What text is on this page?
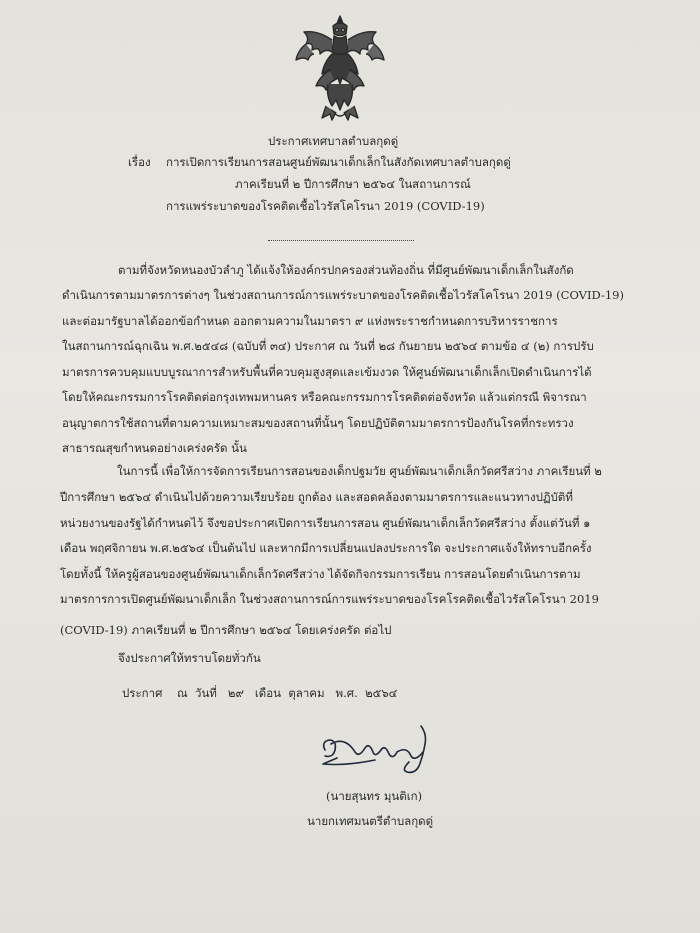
ประกาศเทศบาลตำบลกุดดู่
เรื่อง การเปิดการเรียนการสอนศูนย์พัฒนาเด็กเล็กในสังกัดเทศบาลตำบลกุดดู่
ภาคเรียนที่ ๒ ปีการศึกษา ๒๕๖๔ ในสถานการณ์
การแพร่ระบาดของโรคติดเชื้อไวรัสโคโรนา 2019 (COVID-19)
ตามที่จังหวัดหนองบัวลำภู ได้แจ้งให้องค์กรปกครองส่วนท้องถิ่น ที่มีศูนย์พัฒนาเด็กเล็กในสังกัด
ดำเนินการตามมาตรการต่างๆ ในช่วงสถานการณ์การแพร่ระบาดของโรคติดเชื้อไวรัสโคโรนา 2019 (COVID-19)
และต่อมารัฐบาลได้ออกข้อกำหนด ออกตามความในมาตรา ๙ แห่งพระราชกำหนดการบริหารราชการ
ในสถานการณ์ฉุกเฉิน พ.ศ.๒๕๔๘ (ฉบับที่ ๓๔) ประกาศ ณ วันที่ ๒๘ กันยายน ๒๕๖๔ ตามข้อ ๔ (๒) การปรับ
มาตรการควบคุมแบบบูรณาการสำหรับพื้นที่ควบคุมสูงสุดและเข้มงวด ให้ศูนย์พัฒนาเด็กเล็กเปิดดำเนินการได้
โดยให้คณะกรรมการโรคติดต่อกรุงเทพมหานคร หรือคณะกรรมการโรคติดต่อจังหวัด แล้วแต่กรณี พิจารณา
อนุญาตการใช้สถานที่ตามความเหมาะสมของสถานที่นั้นๆ โดยปฏิบัติตามมาตรการป้องกันโรคที่กระทรวง
สาธารณสุขกำหนดอย่างเคร่งครัด นั้น
ในการนี้ เพื่อให้การจัดการเรียนการสอนของเด็กปฐมวัย ศูนย์พัฒนาเด็กเล็กวัดศรีสว่าง ภาคเรียนที่ ๒
ปีการศึกษา ๒๕๖๔ ดำเนินไปด้วยความเรียบร้อย ถูกต้อง และสอดคล้องตามมาตรการและแนวทางปฏิบัติที่
หน่วยงานของรัฐได้กำหนดไว้ จึงขอประกาศเปิดการเรียนการสอน ศูนย์พัฒนาเด็กเล็กวัดศรีสว่าง ตั้งแต่วันที่ ๑
เดือน พฤศจิกายน พ.ศ.๒๕๖๔ เป็นต้นไป และหากมีการเปลี่ยนแปลงประการใด จะประกาศแจ้งให้ทราบอีกครั้ง
โดยทั้งนี้ ให้ครูผู้สอนของศูนย์พัฒนาเด็กเล็กวัดศรีสว่าง ได้จัดกิจกรรมการเรียน การสอนโดยดำเนินการตาม
มาตรการการเปิดศูนย์พัฒนาเด็กเล็ก ในช่วงสถานการณ์การแพร่ระบาดของโรคโรคติดเชื้อไวรัสโคโรนา 2019
(COVID-19) ภาคเรียนที่ ๒ ปีการศึกษา ๒๕๖๔ โดยเคร่งครัด ต่อไป
จึงประกาศให้ทราบโดยทั่วกัน
ประกาศ ณ วันที่ ๒๙ เดือน ตุลาคม พ.ศ. ๒๕๖๔
(นายสุนทร มุนติเก)
นายกเทศมนตรีตำบลกุดดู่
